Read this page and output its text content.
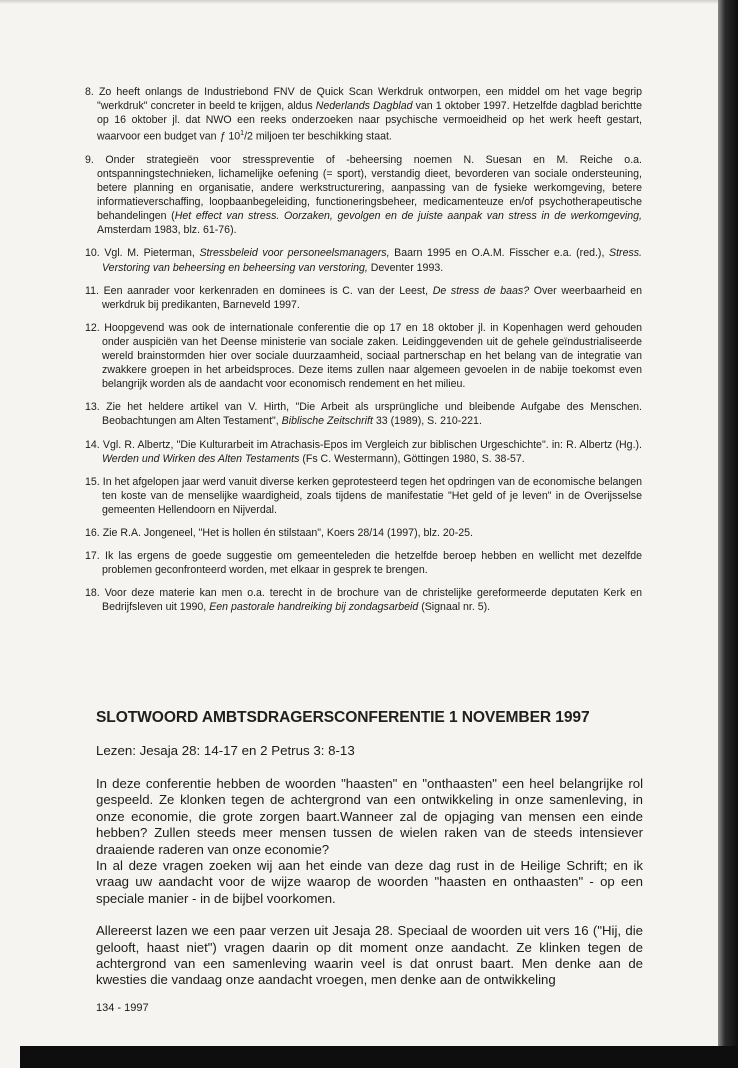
8. Zo heeft onlangs de Industriebond FNV de Quick Scan Werkdruk ontworpen, een middel om het vage begrip "werkdruk" concreter in beeld te krijgen, aldus Nederlands Dagblad van 1 oktober 1997. Hetzelfde dagblad berichtte op 16 oktober jl. dat NWO een reeks onderzoeken naar psychische vermoeidheid op het werk heeft gestart, waarvoor een budget van ƒ $10^1/2$ miljoen ter beschikking staat.

9. Onder strategieën voor stresspreventie of -beheersing noemen N. Suesan en M. Reiche o.a. ontspanningstechnieken, lichamelijke oefening (= sport), verstandig dieet, bevorderen van sociale ondersteuning, betere planning en organisatie, andere werkstructurering, aanpassing van de fysieke werkomgeving, betere informatieverschaffing, loopbaanbegeleiding, functioneringsbeheer, medicamenteuze en/of psychotherapeutische behandelingen (Het effect van stress. Oorzaken, gevolgen en de juiste aanpak van stress in de werkomgeving, Amsterdam 1983, blz. 61-76).

10. Vgl. M. Pieterman, Stressbeleid voor personeelsmanagers, Baarn 1995 en O.A.M. Fisscher e.a. (red.), Stress. Verstoring van beheersing en beheersing van verstoring, Deventer 1993.

11. Een aanrader voor kerkenraden en dominees is C. van der Leest, De stress de baas? Over weerbaarheid en werkdruk bij predikanten, Barneveld 1997.

12. Hoopgevend was ook de internationale conferentie die op 17 en 18 oktober jl. in Kopenhagen werd gehouden onder auspiciën van het Deense ministerie van sociale zaken. Leidinggevenden uit de gehele geïndustrialiseerde wereld brainstormden hier over sociale duurzaamheid, sociaal partnerschap en het belang van de integratie van zwakkere groepen in het arbeidsproces. Deze items zullen naar algemeen gevoelen in de nabije toekomst even belangrijk worden als de aandacht voor economisch rendement en het milieu.

13. Zie het heldere artikel van V. Hirth, "Die Arbeit als ursprüngliche und bleibende Aufgabe des Menschen. Beobachtungen am Alten Testament", Biblische Zeitschrift 33 (1989), S. 210-221.

14. Vgl. R. Albertz, "Die Kulturarbeit im Atrachasis-Epos im Vergleich zur biblischen Urgeschichte". in: R. Albertz (Hg.). Werden und Wirken des Alten Testaments (Fs C. Westermann), Göttingen 1980, S. 38-57.

15. In het afgelopen jaar werd vanuit diverse kerken geprotesteerd tegen het opdringen van de economische belangen ten koste van de menselijke waardigheid, zoals tijdens de manifestatie "Het geld of je leven" in de Overijsselse gemeenten Hellendoorn en Nijverdal.

16. Zie R.A. Jongeneel, "Het is hollen én stilstaan", Koers 28/14 (1997), blz. 20-25.

17. Ik las ergens de goede suggestie om gemeenteleden die hetzelfde beroep hebben en wellicht met dezelfde problemen geconfronteerd worden, met elkaar in gesprek te brengen.

18. Voor deze materie kan men o.a. terecht in de brochure van de christelijke gereformeerde deputaten Kerk en Bedrijfsleven uit 1990, Een pastorale handreiking bij zondagsarbeid (Signaal nr. 5).

SLOTWOORD AMBTSDRAGERSCONFERENTIE 1 NOVEMBER 1997

Lezen: Jesaja 28: 14-17 en 2 Petrus 3: 8-13

In deze conferentie hebben de woorden "haasten" en "onthaasten" een heel belangrijke rol gespeeld. Ze klonken tegen de achtergrond van een ontwikkeling in onze samenleving, in onze economie, die grote zorgen baart.Wanneer zal de opjaging van mensen een einde hebben? Zullen steeds meer mensen tussen de wielen raken van de steeds intensiever draaiende raderen van onze economie?

In al deze vragen zoeken wij aan het einde van deze dag rust in de Heilige Schrift; en ik vraag uw aandacht voor de wijze waarop de woorden "haasten en onthaasten" - op een speciale manier - in de bijbel voorkomen.

Allereerst lazen we een paar verzen uit Jesaja 28. Speciaal de woorden uit vers 16 ("Hij, die gelooft, haast niet") vragen daarin op dit moment onze aandacht. Ze klinken tegen de achtergrond van een samenleving waarin veel is dat onrust baart. Men denke aan de kwesties die vandaag onze aandacht vroegen, men denke aan de ontwikkeling

134 - 1997
